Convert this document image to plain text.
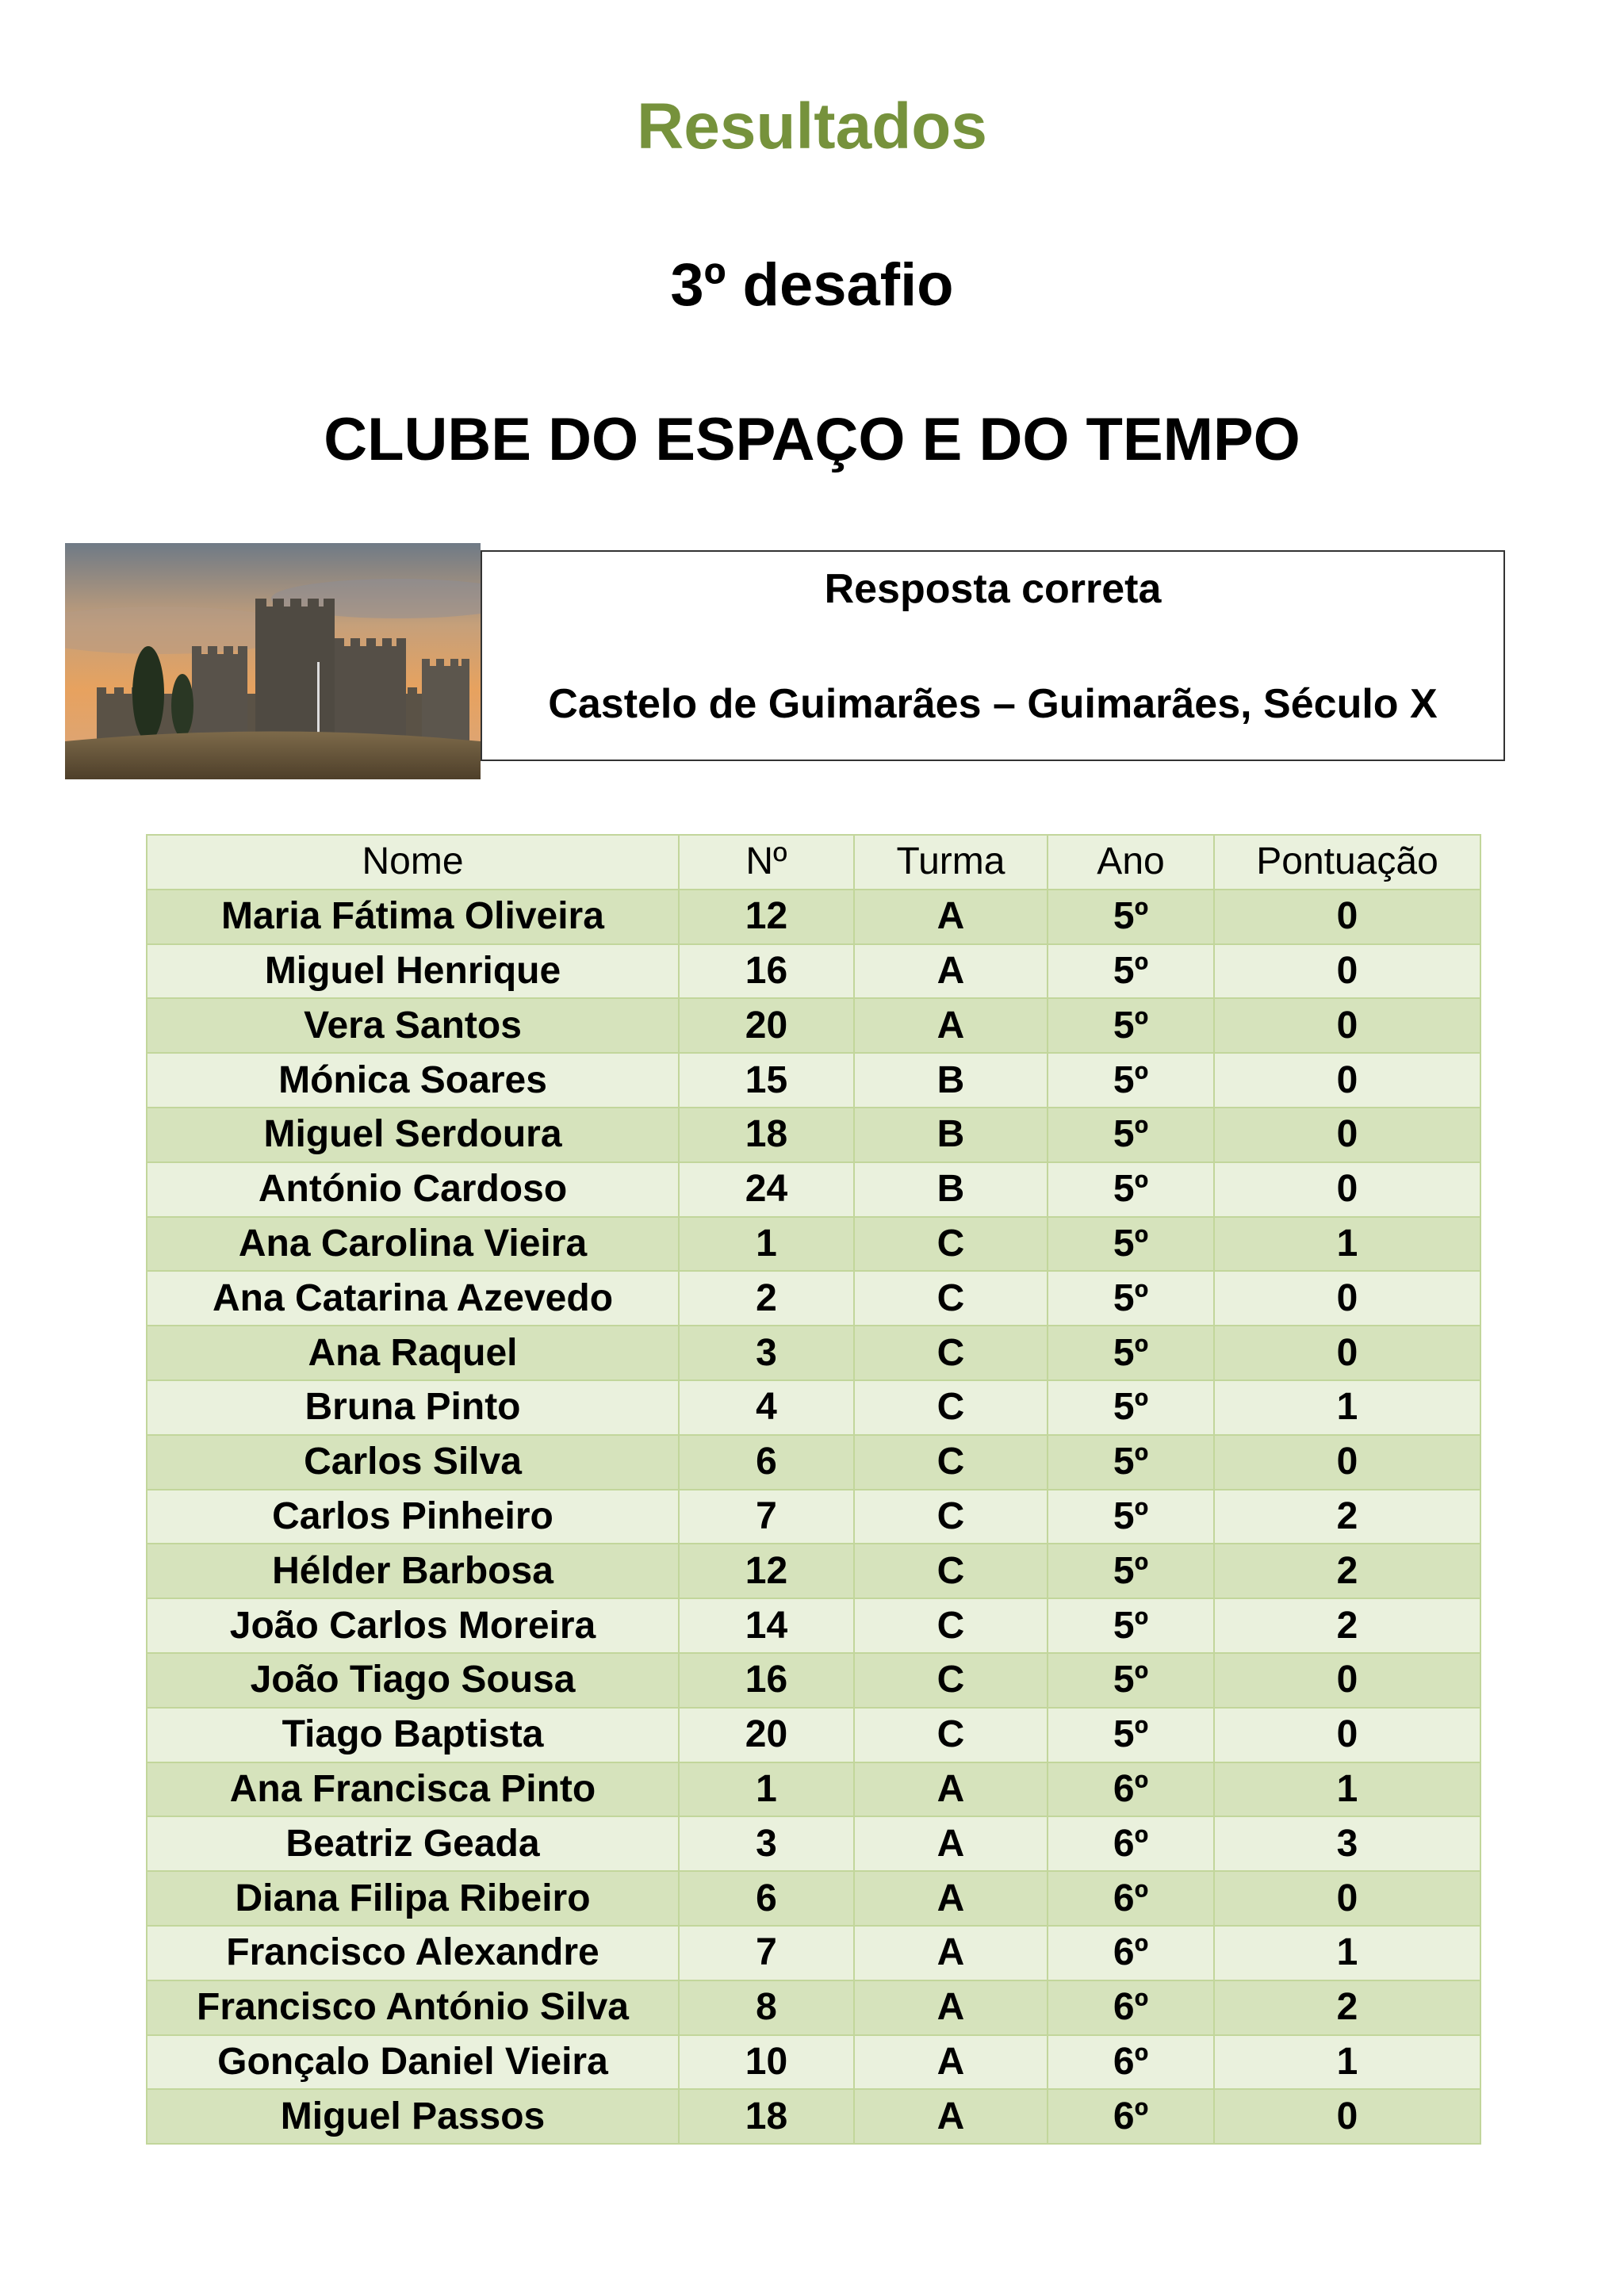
Resultados
3º desafio
CLUBE DO ESPAÇO E DO TEMPO
Resposta correta
Castelo de Guimarães – Guimarães, Século X
Nome	Nº	Turma	Ano	Pontuação
Maria Fátima Oliveira	12	A	5º	0
Miguel Henrique	16	A	5º	0
Vera Santos	20	A	5º	0
Mónica Soares	15	B	5º	0
Miguel Serdoura	18	B	5º	0
António Cardoso	24	B	5º	0
Ana Carolina Vieira	1	C	5º	1
Ana Catarina Azevedo	2	C	5º	0
Ana Raquel	3	C	5º	0
Bruna Pinto	4	C	5º	1
Carlos Silva	6	C	5º	0
Carlos Pinheiro	7	C	5º	2
Hélder Barbosa	12	C	5º	2
João Carlos Moreira	14	C	5º	2
João Tiago Sousa	16	C	5º	0
Tiago Baptista	20	C	5º	0
Ana Francisca Pinto	1	A	6º	1
Beatriz Geada	3	A	6º	3
Diana Filipa Ribeiro	6	A	6º	0
Francisco Alexandre	7	A	6º	1
Francisco António Silva	8	A	6º	2
Gonçalo Daniel Vieira	10	A	6º	1
Miguel Passos	18	A	6º	0
